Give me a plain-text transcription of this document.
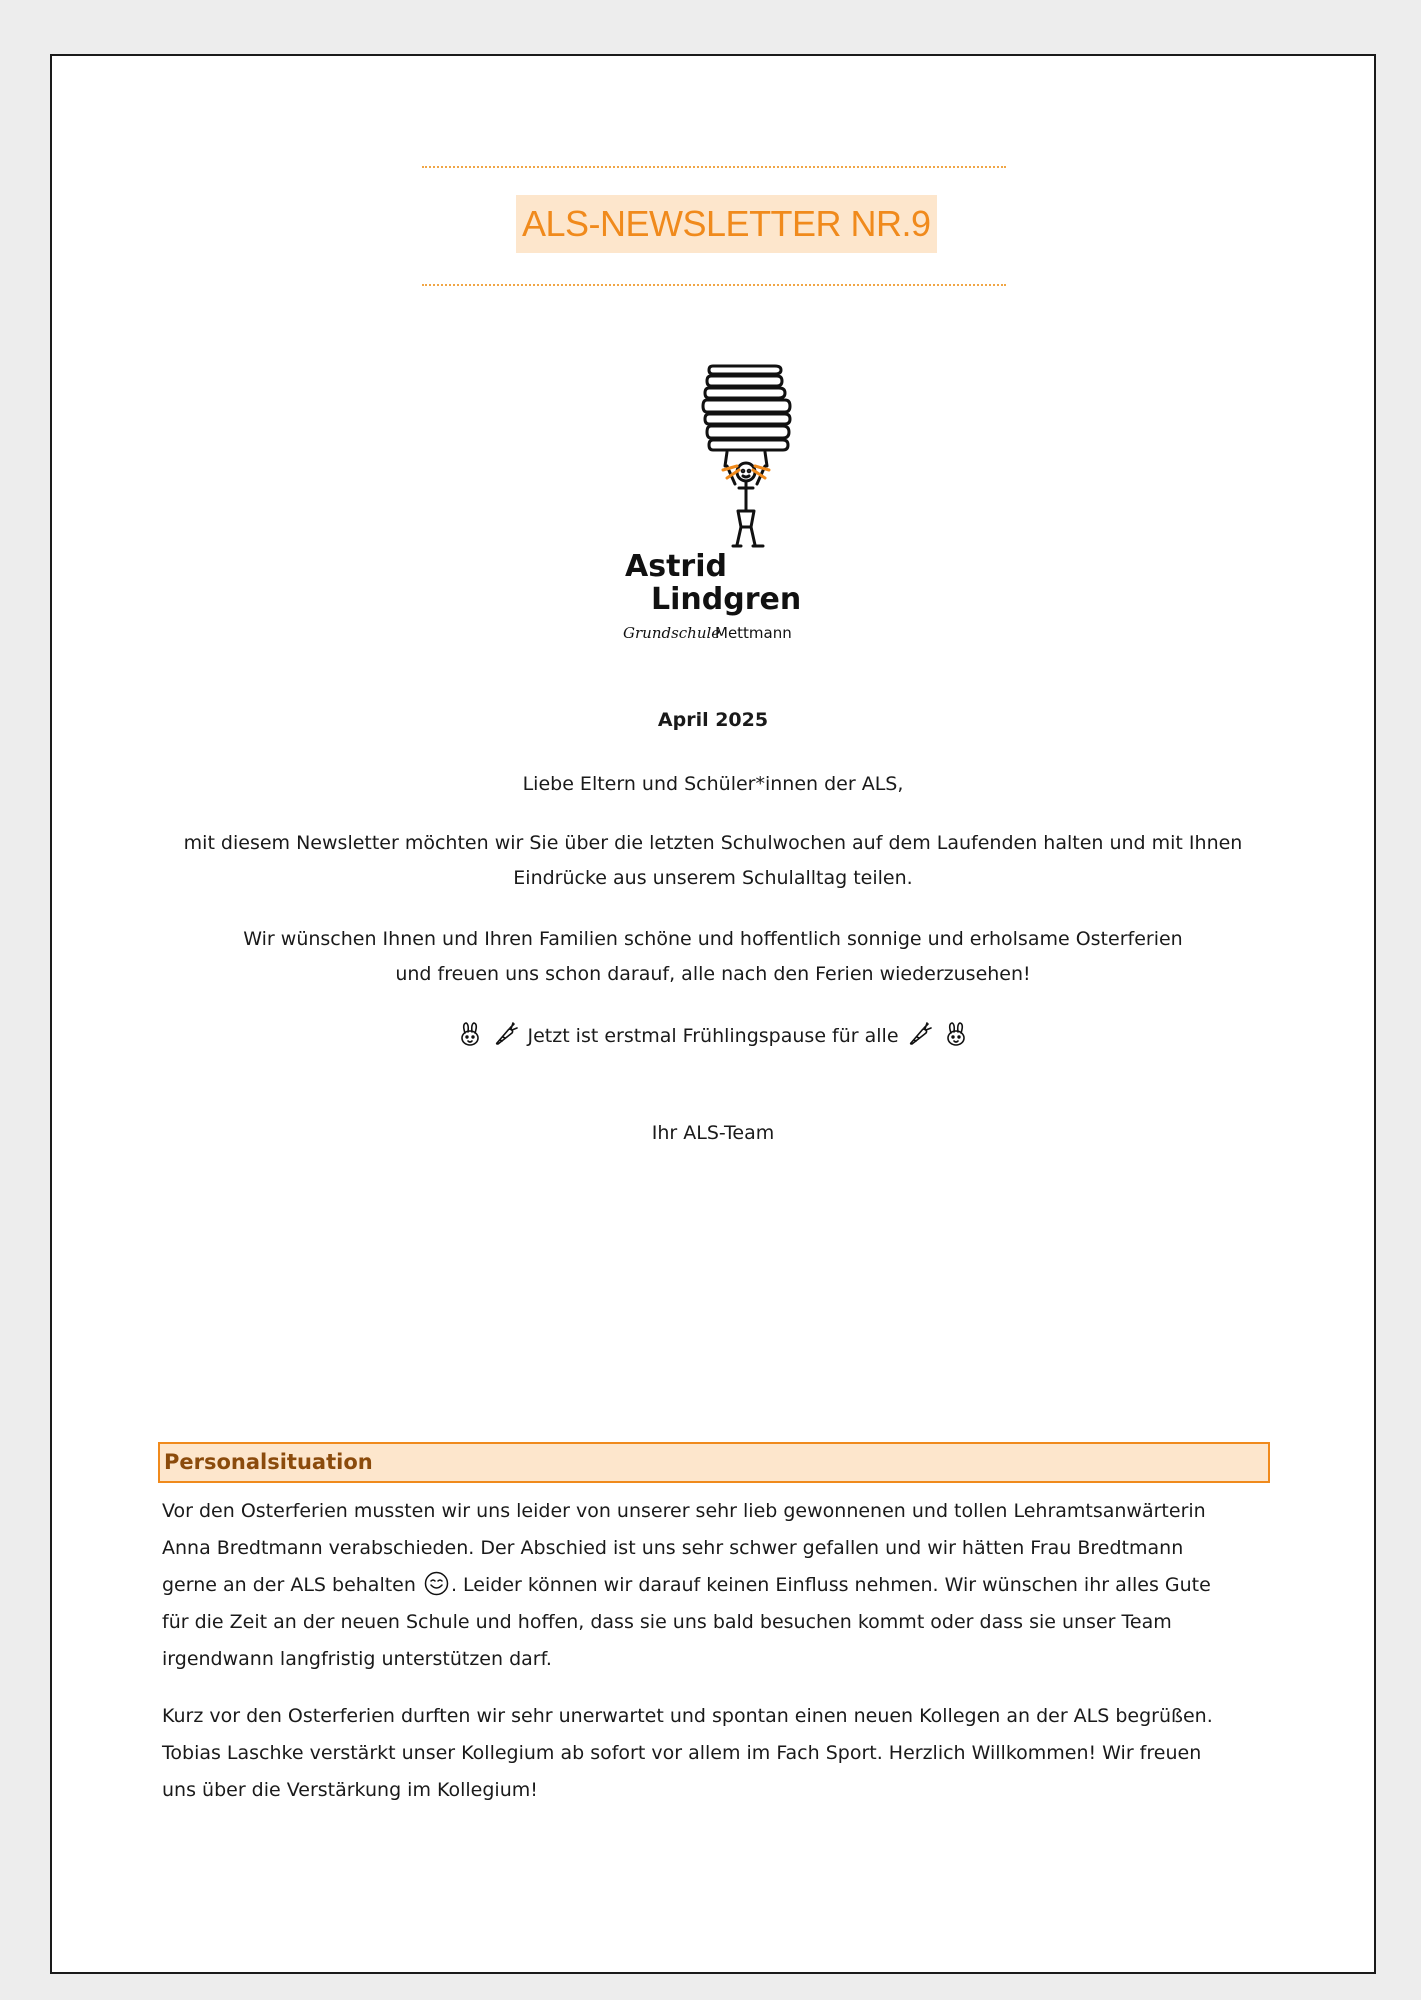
ALS-NEWSLETTER NR.9
Astrid
Lindgren
Grundschule
Mettmann
April 2025
Liebe Eltern und Schüler*innen der ALS,
mit diesem Newsletter möchten wir Sie über die letzten Schulwochen auf dem Laufenden halten und mit Ihnen
Eindrücke aus unserem Schulalltag teilen.
Wir wünschen Ihnen und Ihren Familien schöne und hoffentlich sonnige und erholsame Osterferien
und freuen uns schon darauf, alle nach den Ferien wiederzusehen!
Jetzt ist erstmal Frühlingspause für alle
Ihr ALS-Team
Personalsituation
Vor den Osterferien mussten wir uns leider von unserer sehr lieb gewonnenen und tollen Lehramtsanwärterin
Anna Bredtmann verabschieden. Der Abschied ist uns sehr schwer gefallen und wir hätten Frau Bredtmann
gerne an der ALS behalten . Leider können wir darauf keinen Einfluss nehmen. Wir wünschen ihr alles Gute
für die Zeit an der neuen Schule und hoffen, dass sie uns bald besuchen kommt oder dass sie unser Team
irgendwann langfristig unterstützen darf.
Kurz vor den Osterferien durften wir sehr unerwartet und spontan einen neuen Kollegen an der ALS begrüßen.
Tobias Laschke verstärkt unser Kollegium ab sofort vor allem im Fach Sport. Herzlich Willkommen! Wir freuen
uns über die Verstärkung im Kollegium!
